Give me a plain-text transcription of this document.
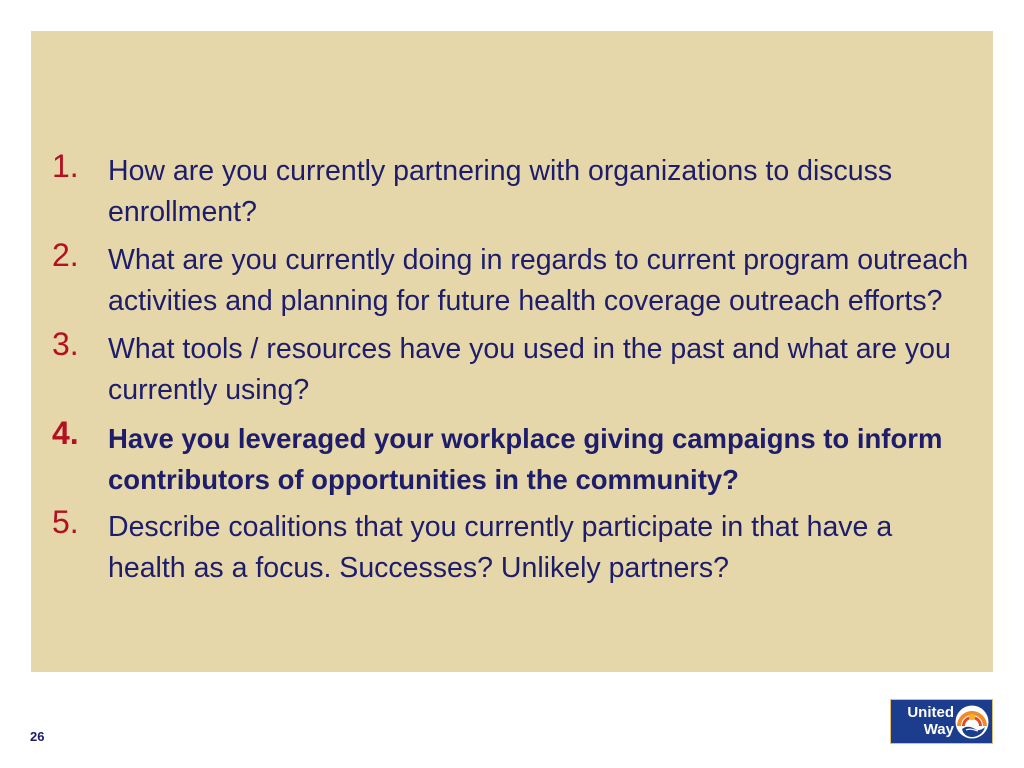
1. How are you currently partnering with organizations to discuss enrollment?
2. What are you currently doing in regards to current program outreach activities and planning for future health coverage outreach efforts?
3. What tools / resources have you used in the past and what are you currently using?
4. Have you leveraged your workplace giving campaigns to inform contributors of opportunities in the community?
5. Describe coalitions that you currently participate in that have a health as a focus. Successes? Unlikely partners?
26
United
Way
